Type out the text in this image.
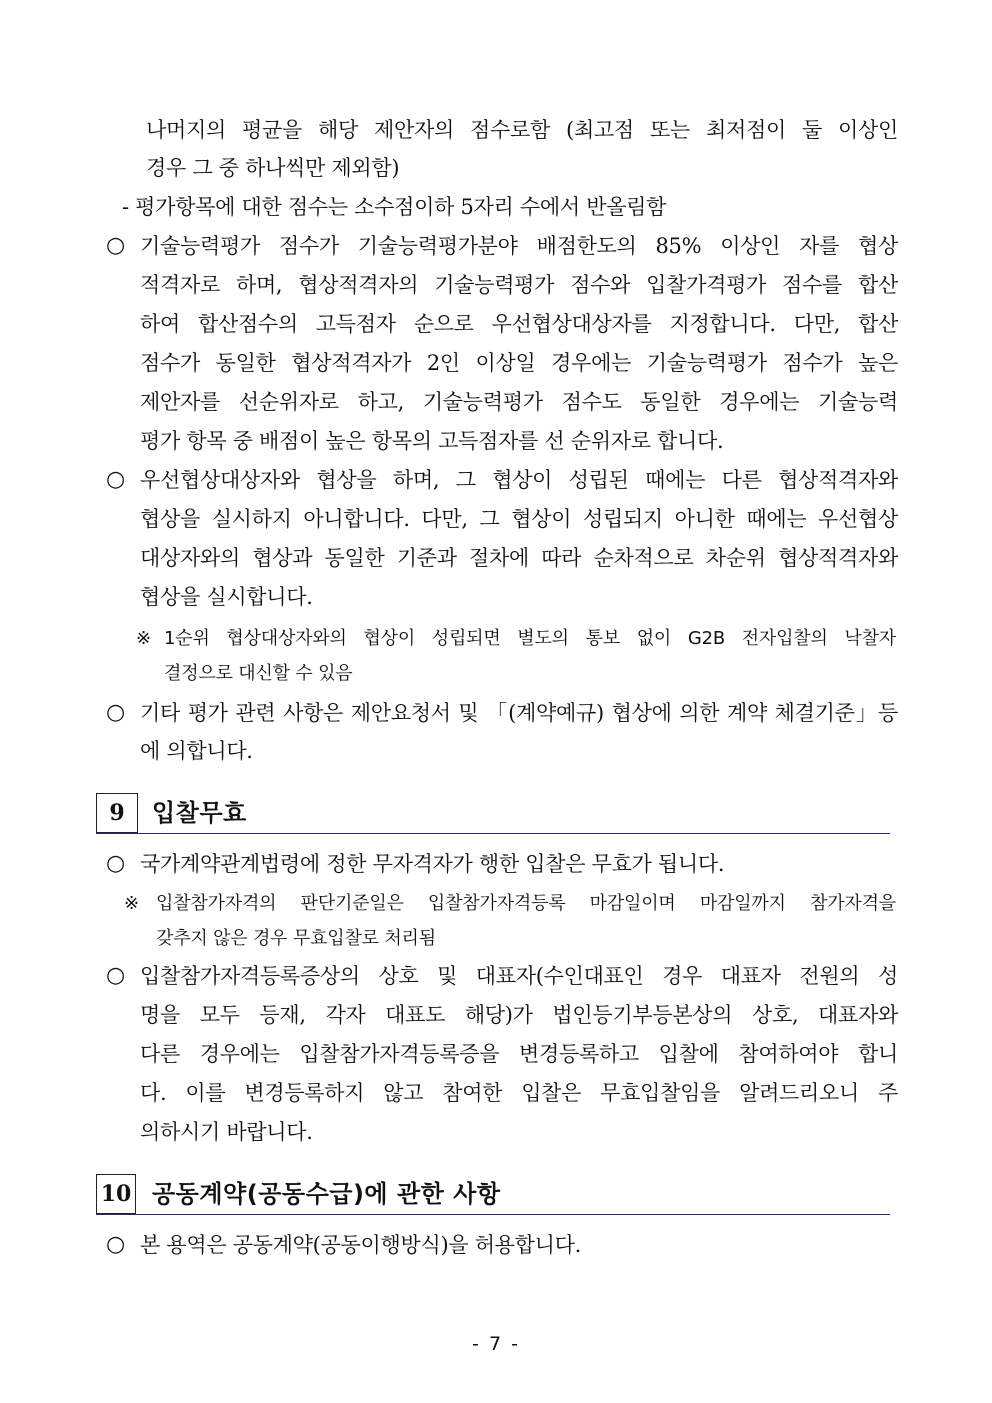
나머지의 평균을 해당 제안자의 점수로함 (최고점 또는 최저점이 둘 이상인
경우 그 중 하나씩만 제외함)
- 평가항목에 대한 점수는 소수점이하 5자리 수에서 반올림함
○ 기술능력평가 점수가 기술능력평가분야 배점한도의 85% 이상인 자를 협상
적격자로 하며, 협상적격자의 기술능력평가 점수와 입찰가격평가 점수를 합산
하여 합산점수의 고득점자 순으로 우선협상대상자를 지정합니다. 다만, 합산
점수가 동일한 협상적격자가 2인 이상일 경우에는 기술능력평가 점수가 높은
제안자를 선순위자로 하고, 기술능력평가 점수도 동일한 경우에는 기술능력
평가 항목 중 배점이 높은 항목의 고득점자를 선 순위자로 합니다.
○ 우선협상대상자와 협상을 하며, 그 협상이 성립된 때에는 다른 협상적격자와
협상을 실시하지 아니합니다. 다만, 그 협상이 성립되지 아니한 때에는 우선협상
대상자와의 협상과 동일한 기준과 절차에 따라 순차적으로 차순위 협상적격자와
협상을 실시합니다.
※ 1순위 협상대상자와의 협상이 성립되면 별도의 통보 없이 G2B 전자입찰의 낙찰자
결정으로 대신할 수 있음
○ 기타 평가 관련 사항은 제안요청서 및 「(계약예규) 협상에 의한 계약 체결기준」등
에 의합니다.
9	입찰무효
○ 국가계약관계법령에 정한 무자격자가 행한 입찰은 무효가 됩니다.
※ 입찰참가자격의 판단기준일은 입찰참가자격등록 마감일이며 마감일까지 참가자격을
갖추지 않은 경우 무효입찰로 처리됨
○ 입찰참가자격등록증상의 상호 및 대표자(수인대표인 경우 대표자 전원의 성
명을 모두 등재, 각자 대표도 해당)가 법인등기부등본상의 상호, 대표자와
다른 경우에는 입찰참가자격등록증을 변경등록하고 입찰에 참여하여야 합니
다. 이를 변경등록하지 않고 참여한 입찰은 무효입찰임을 알려드리오니 주
의하시기 바랍니다.
10 공동계약(공동수급)에 관한 사항
○ 본 용역은 공동계약(공동이행방식)을 허용합니다.
- 7 -
